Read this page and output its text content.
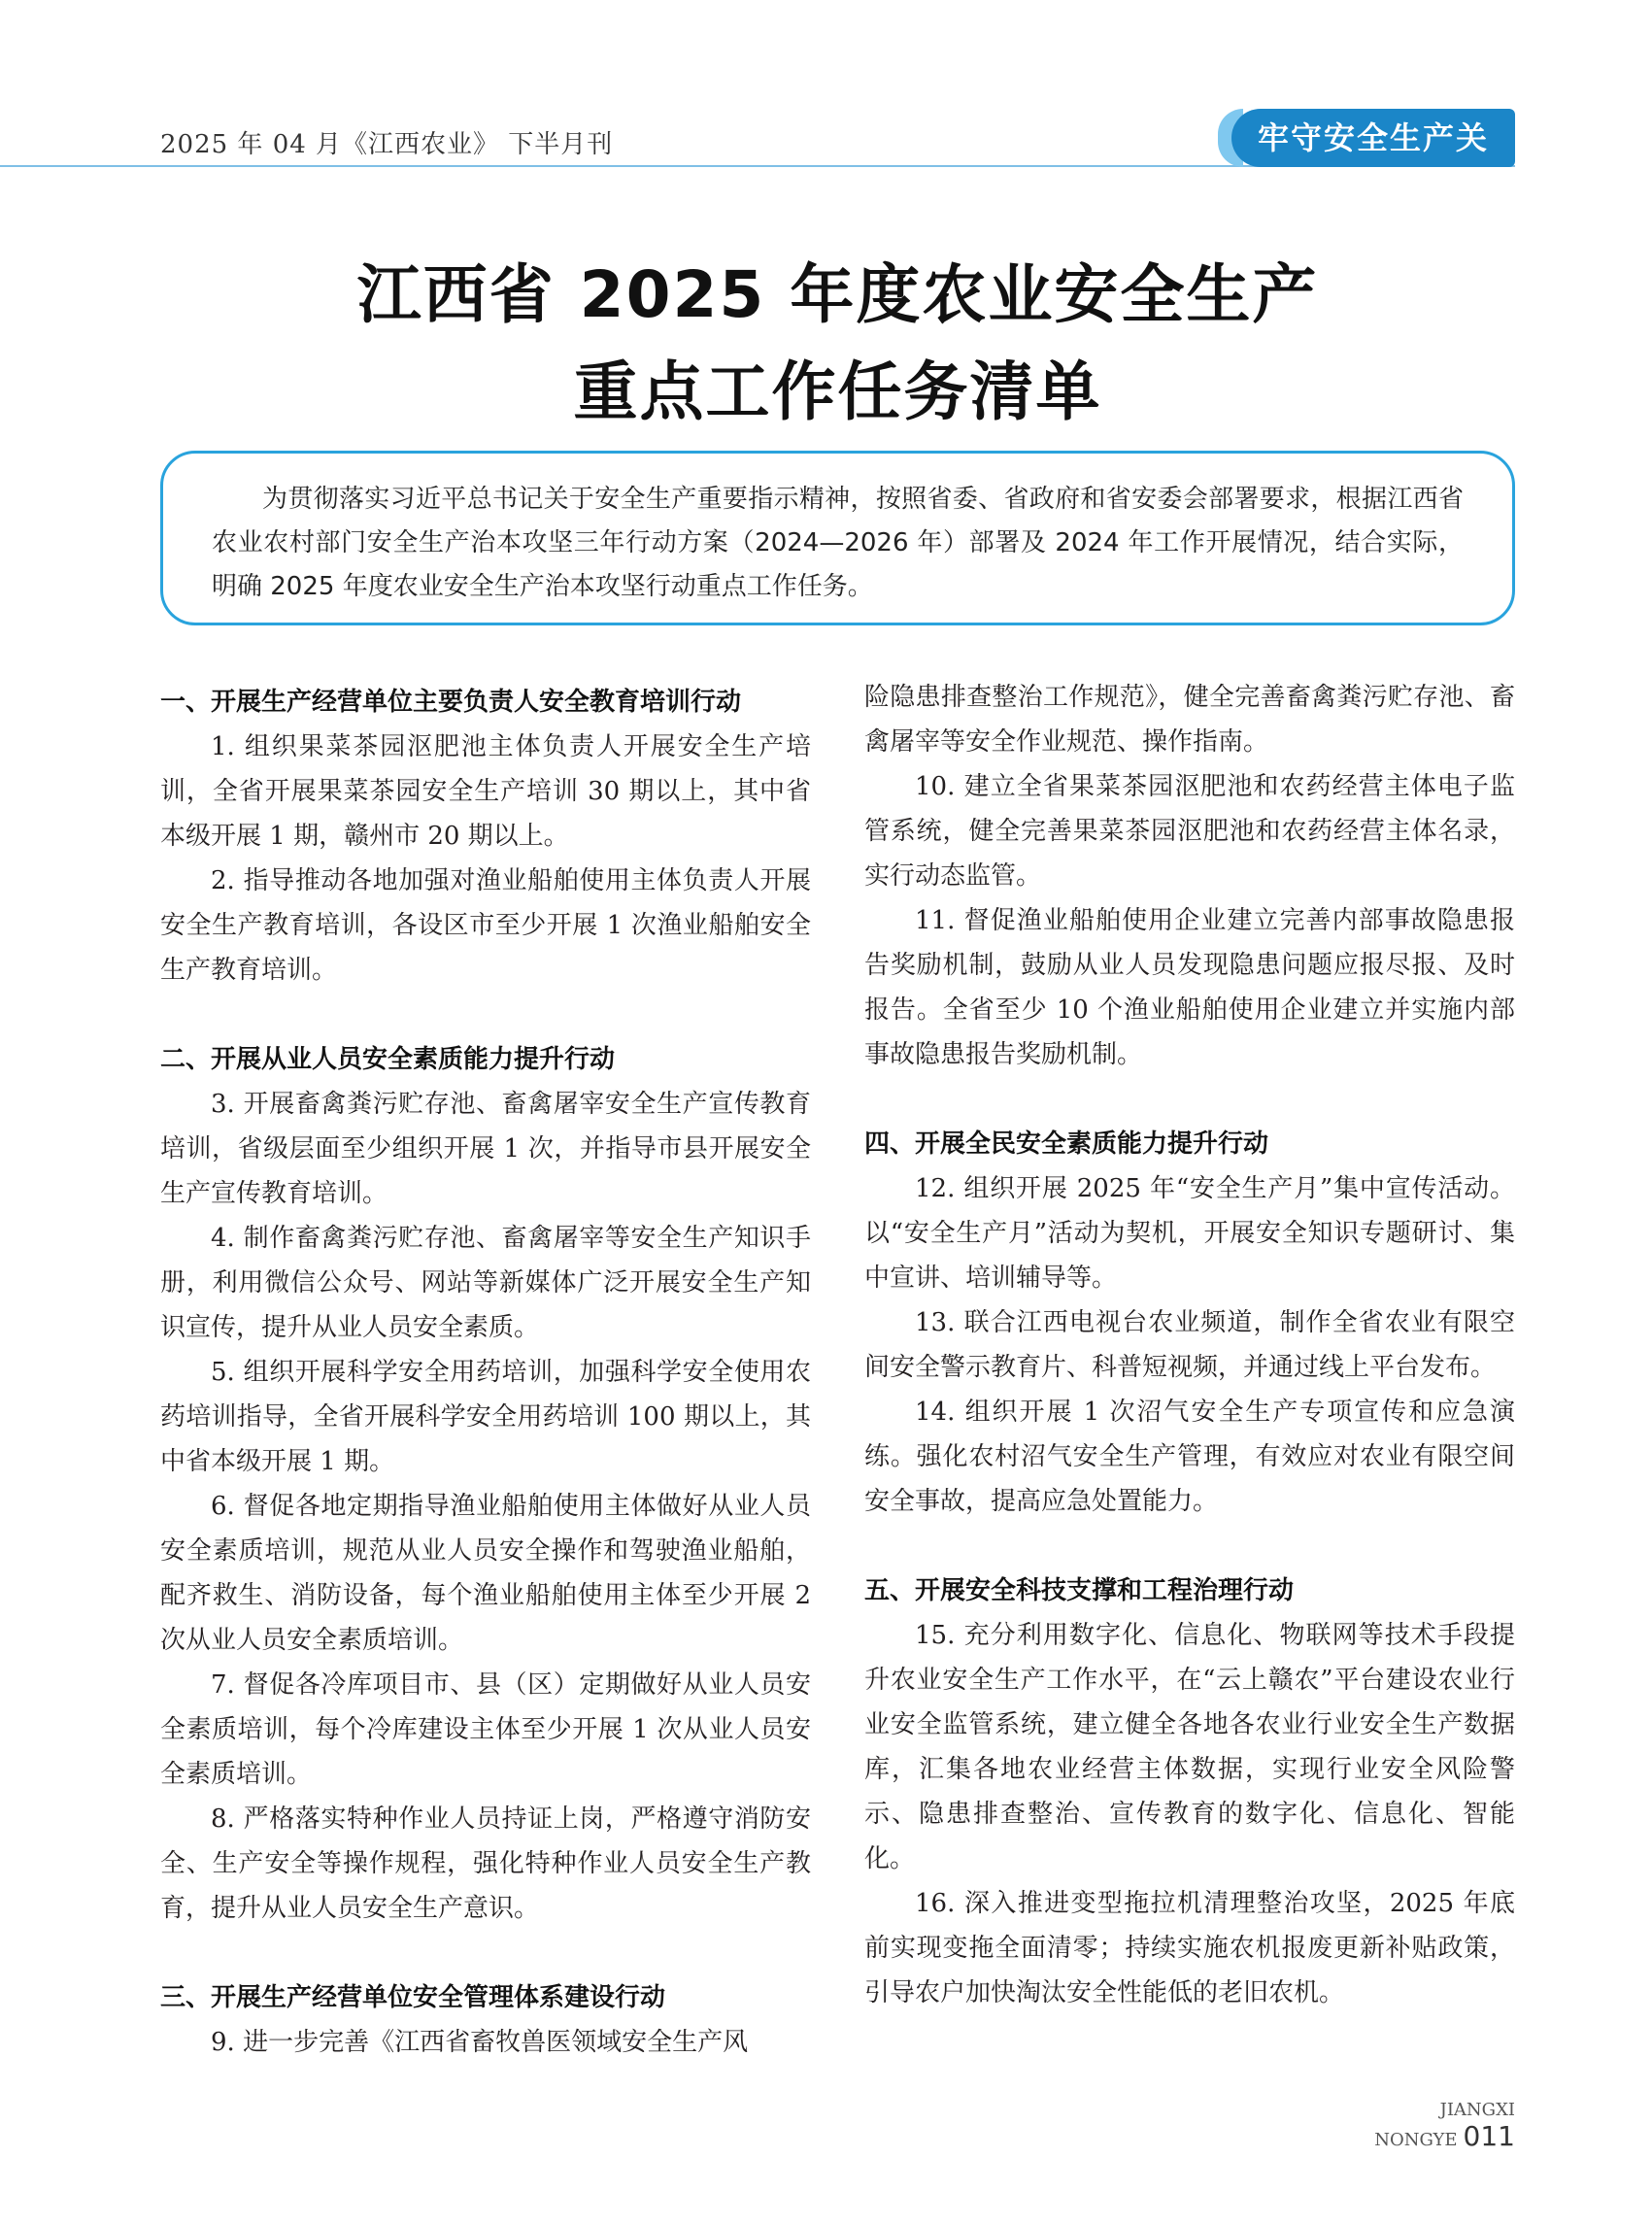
2025 年 04 月《江西农业》 下半月刊	牢守安全生产关
江西省 2025 年度农业安全生产
重点工作任务清单
为贯彻落实习近平总书记关于安全生产重要指示精神，按照省委、省政府和省安委会部署要求，根据江西省农业农村部门安全生产治本攻坚三年行动方案（2024—2026 年）部署及 2024 年工作开展情况，结合实际，明确 2025 年度农业安全生产治本攻坚行动重点工作任务。
一、开展生产经营单位主要负责人安全教育培训行动

1. 组织果菜茶园沤肥池主体负责人开展安全生产培训，全省开展果菜茶园安全生产培训 30 期以上，其中省本级开展 1 期，赣州市 20 期以上。

2. 指导推动各地加强对渔业船舶使用主体负责人开展安全生产教育培训，各设区市至少开展 1 次渔业船舶安全生产教育培训。

二、开展从业人员安全素质能力提升行动

3. 开展畜禽粪污贮存池、畜禽屠宰安全生产宣传教育培训，省级层面至少组织开展 1 次，并指导市县开展安全生产宣传教育培训。

4. 制作畜禽粪污贮存池、畜禽屠宰等安全生产知识手册，利用微信公众号、网站等新媒体广泛开展安全生产知识宣传，提升从业人员安全素质。

5. 组织开展科学安全用药培训，加强科学安全使用农药培训指导，全省开展科学安全用药培训 100 期以上，其中省本级开展 1 期。

6. 督促各地定期指导渔业船舶使用主体做好从业人员安全素质培训，规范从业人员安全操作和驾驶渔业船舶，配齐救生、消防设备，每个渔业船舶使用主体至少开展 2 次从业人员安全素质培训。

7. 督促各冷库项目市、县（区）定期做好从业人员安全素质培训，每个冷库建设主体至少开展 1 次从业人员安全素质培训。

8. 严格落实特种作业人员持证上岗，严格遵守消防安全、生产安全等操作规程，强化特种作业人员安全生产教育，提升从业人员安全生产意识。

三、开展生产经营单位安全管理体系建设行动

9. 进一步完善《江西省畜牧兽医领域安全生产风

险隐患排查整治工作规范》，健全完善畜禽粪污贮存池、畜禽屠宰等安全作业规范、操作指南。

10. 建立全省果菜茶园沤肥池和农药经营主体电子监管系统，健全完善果菜茶园沤肥池和农药经营主体名录，实行动态监管。

11. 督促渔业船舶使用企业建立完善内部事故隐患报告奖励机制，鼓励从业人员发现隐患问题应报尽报、及时报告。全省至少 10 个渔业船舶使用企业建立并实施内部事故隐患报告奖励机制。

四、开展全民安全素质能力提升行动

12. 组织开展 2025 年“安全生产月”集中宣传活动。以“安全生产月”活动为契机，开展安全知识专题研讨、集中宣讲、培训辅导等。

13. 联合江西电视台农业频道，制作全省农业有限空间安全警示教育片、科普短视频，并通过线上平台发布。

14. 组织开展 1 次沼气安全生产专项宣传和应急演练。强化农村沼气安全生产管理，有效应对农业有限空间安全事故，提高应急处置能力。

五、开展安全科技支撑和工程治理行动

15. 充分利用数字化、信息化、物联网等技术手段提升农业安全生产工作水平，在“云上赣农”平台建设农业行业安全监管系统，建立健全各地各农业行业安全生产数据库，汇集各地农业经营主体数据，实现行业安全风险警示、隐患排查整治、宣传教育的数字化、信息化、智能化。

16. 深入推进变型拖拉机清理整治攻坚，2025 年底前实现变拖全面清零；持续实施农机报废更新补贴政策，引导农户加快淘汰安全性能低的老旧农机。

JIANGXI NONGYE 011
